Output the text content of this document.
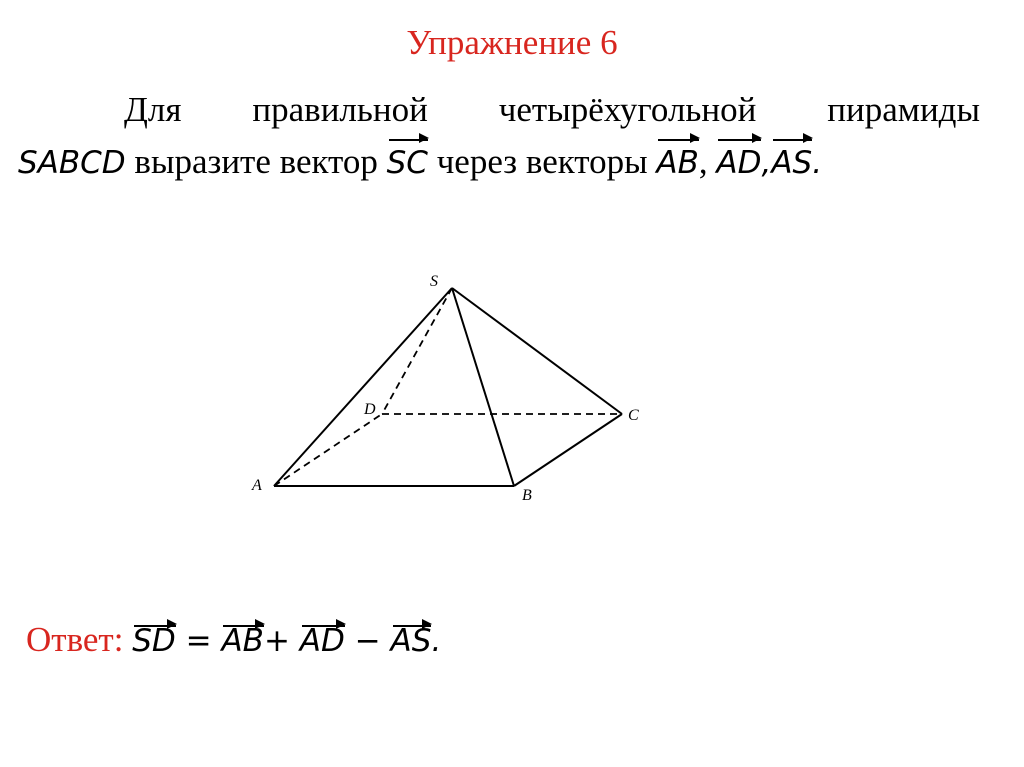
Упражнение 6
Для правильной четырёхугольной пирамиды
SABCD выразите вектор SC через векторы AB, AD,AS.
S
D	C
A
B
Ответ: SD = AB+ AD − AS.
